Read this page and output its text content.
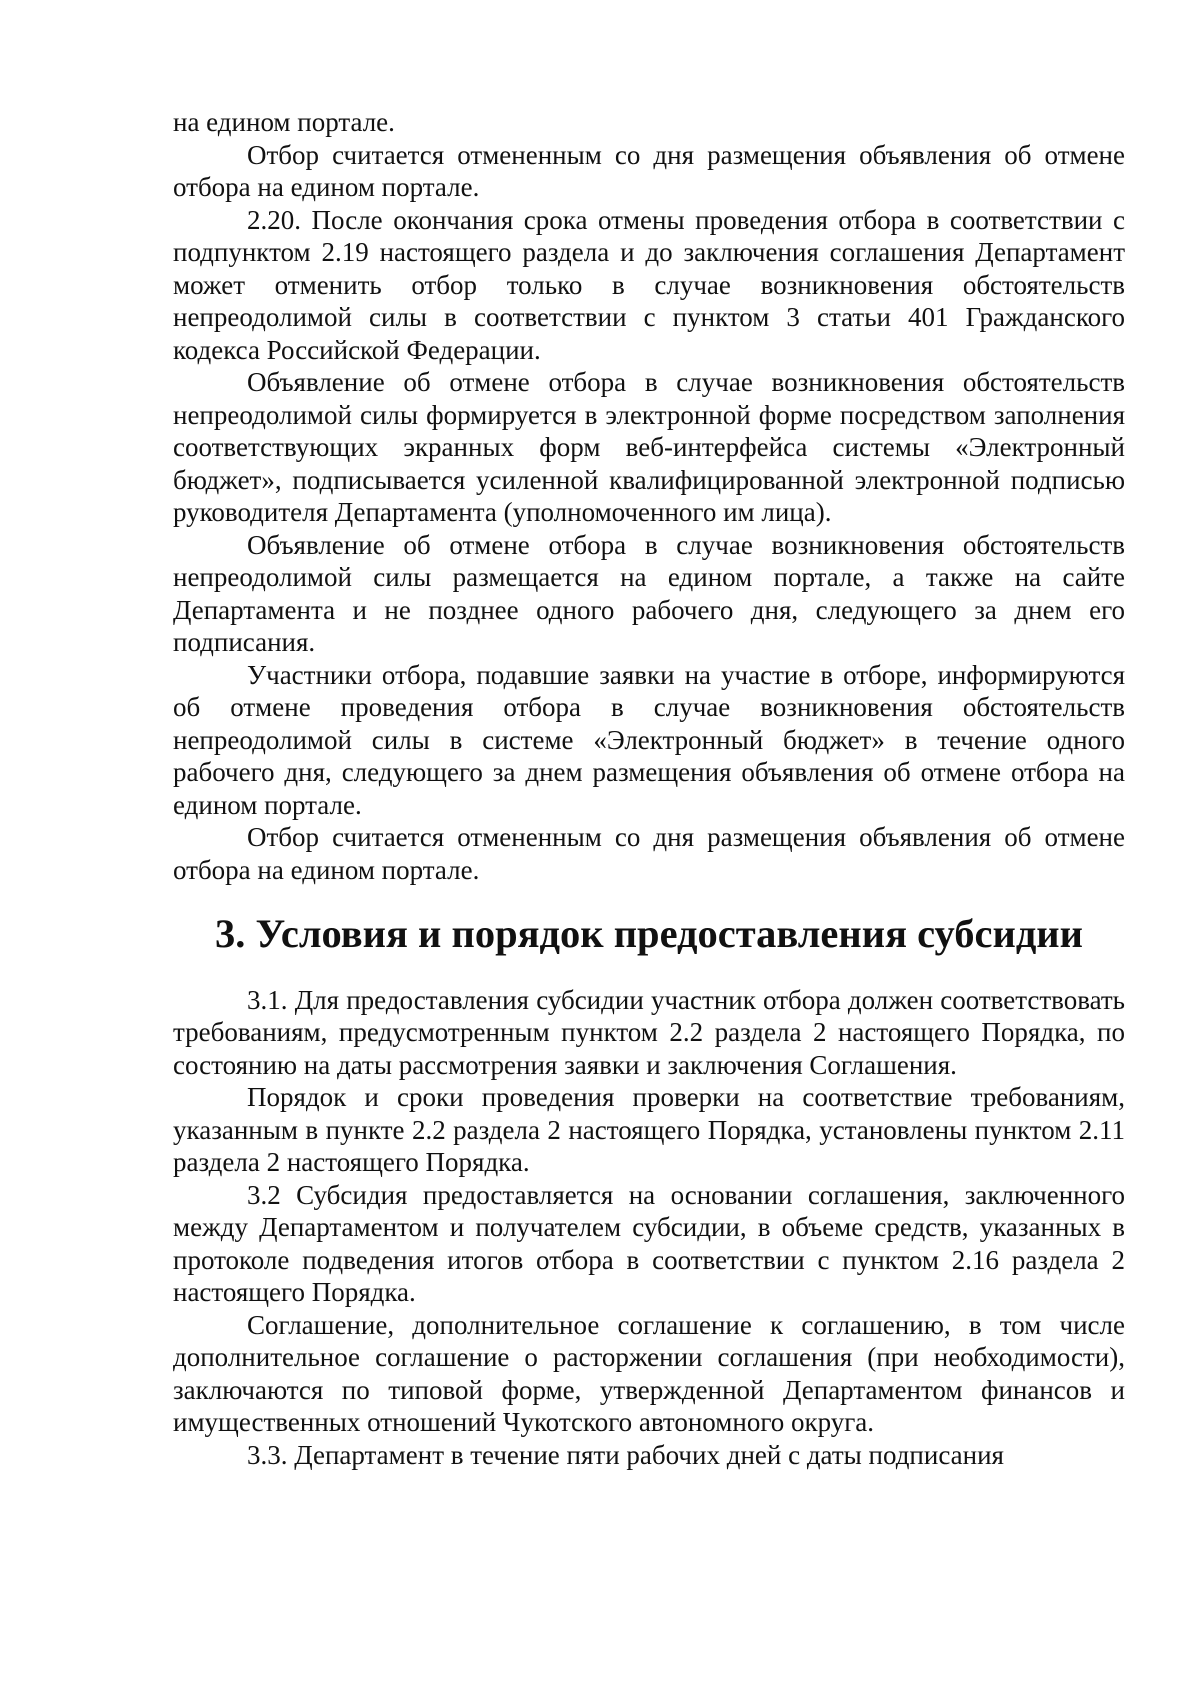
на едином портале.

Отбор считается отмененным со дня размещения объявления об отмене отбора на едином портале.

2.20. После окончания срока отмены проведения отбора в соответствии с подпунктом 2.19 настоящего раздела и до заключения соглашения Департамент может отменить отбор только в случае возникновения обстоятельств непреодолимой силы в соответствии с пунктом 3 статьи 401 Гражданского кодекса Российской Федерации.

Объявление об отмене отбора в случае возникновения обстоятельств непреодолимой силы формируется в электронной форме посредством заполнения соответствующих экранных форм веб-интерфейса системы «Электронный бюджет», подписывается усиленной квалифицированной электронной подписью руководителя Департамента (уполномоченного им лица).

Объявление об отмене отбора в случае возникновения обстоятельств непреодолимой силы размещается на едином портале, а также на сайте Департамента и не позднее одного рабочего дня, следующего за днем его подписания.

Участники отбора, подавшие заявки на участие в отборе, информируются об отмене проведения отбора в случае возникновения обстоятельств непреодолимой силы в системе «Электронный бюджет» в течение одного рабочего дня, следующего за днем размещения объявления об отмене отбора на едином портале.

Отбор считается отмененным со дня размещения объявления об отмене отбора на едином портале.

3. Условия и порядок предоставления субсидии

3.1. Для предоставления субсидии участник отбора должен соответствовать требованиям, предусмотренным пунктом 2.2 раздела 2 настоящего Порядка, по состоянию на даты рассмотрения заявки и заключения Соглашения.

Порядок и сроки проведения проверки на соответствие требованиям, указанным в пункте 2.2 раздела 2 настоящего Порядка, установлены пунктом 2.11 раздела 2 настоящего Порядка.

3.2 Субсидия предоставляется на основании соглашения, заключенного между Департаментом и получателем субсидии, в объеме средств, указанных в протоколе подведения итогов отбора в соответствии с пунктом 2.16 раздела 2 настоящего Порядка.

Соглашение, дополнительное соглашение к соглашению, в том числе дополнительное соглашение о расторжении соглашения (при необходимости), заключаются по типовой форме, утвержденной Департаментом финансов и имущественных отношений Чукотского автономного округа.

3.3. Департамент в течение пяти рабочих дней с даты подписания
